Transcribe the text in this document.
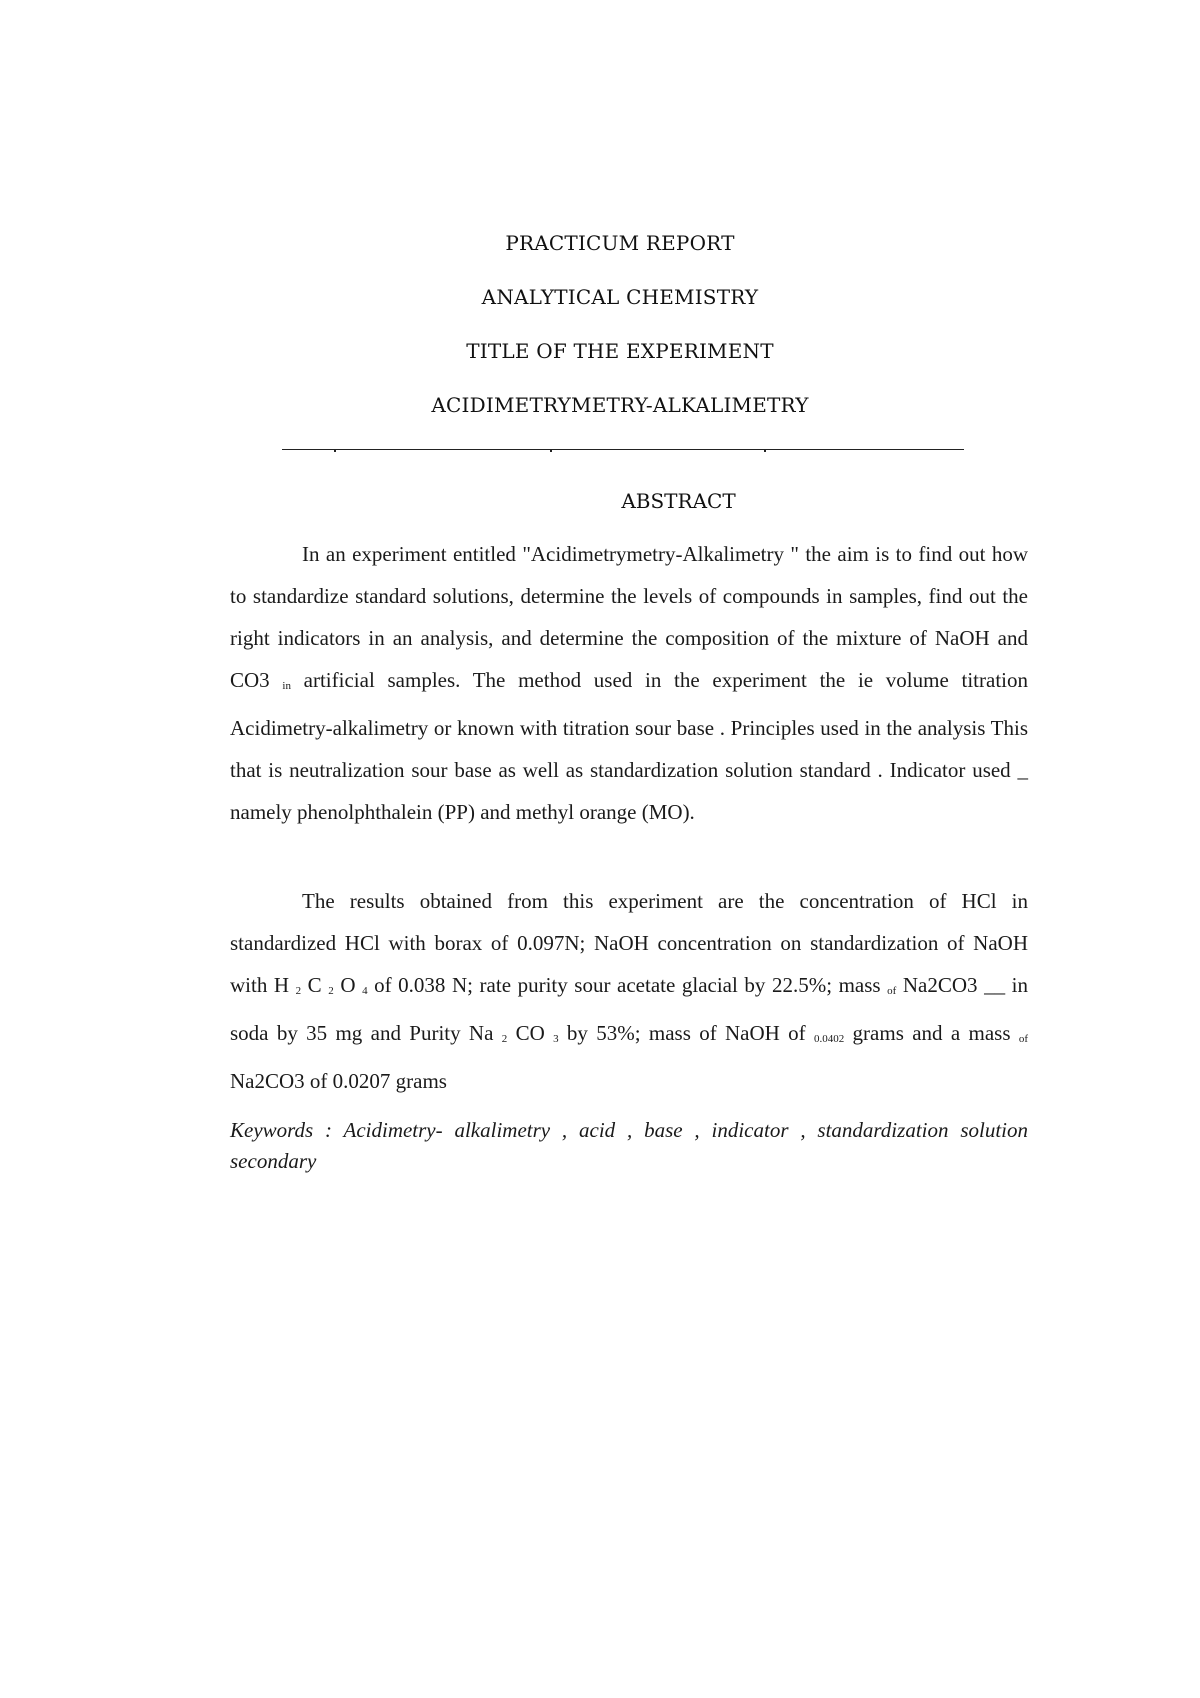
PRACTICUM REPORT
ANALYTICAL CHEMISTRY
TITLE OF THE EXPERIMENT
ACIDIMETRYMETRY-ALKALIMETRY
ABSTRACT
In an experiment entitled "Acidimetrymetry-Alkalimetry " the aim is to find out how to standardize standard solutions, determine the levels of compounds in samples, find out the right indicators in an analysis, and determine the composition of the mixture of NaOH and CO3 $_{in}$ artificial samples. The method used in the experiment the ie volume titration Acidimetry-alkalimetry or known with titration sour base . Principles used in the analysis This that is neutralization sour base as well as standardization solution standard . Indicator used _ namely phenolphthalein (PP) and methyl orange (MO).
The results obtained from this experiment are the concentration of HCl in standardized HCl with borax of 0.097N; NaOH concentration on standardization of NaOH with H $_2$ C $_2$ O $_4$ of 0.038 N; rate purity sour acetate glacial by 22.5%; mass $_{of}$ Na2CO3 __ in soda by 35 mg and Purity Na $_2$ CO $_3$ by 53%; mass of NaOH of $_{0.0402}$ grams and a mass $_{of}$ Na2CO3 of 0.0207 grams
Keywords : Acidimetry- alkalimetry , acid , base , indicator , standardization solution secondary
